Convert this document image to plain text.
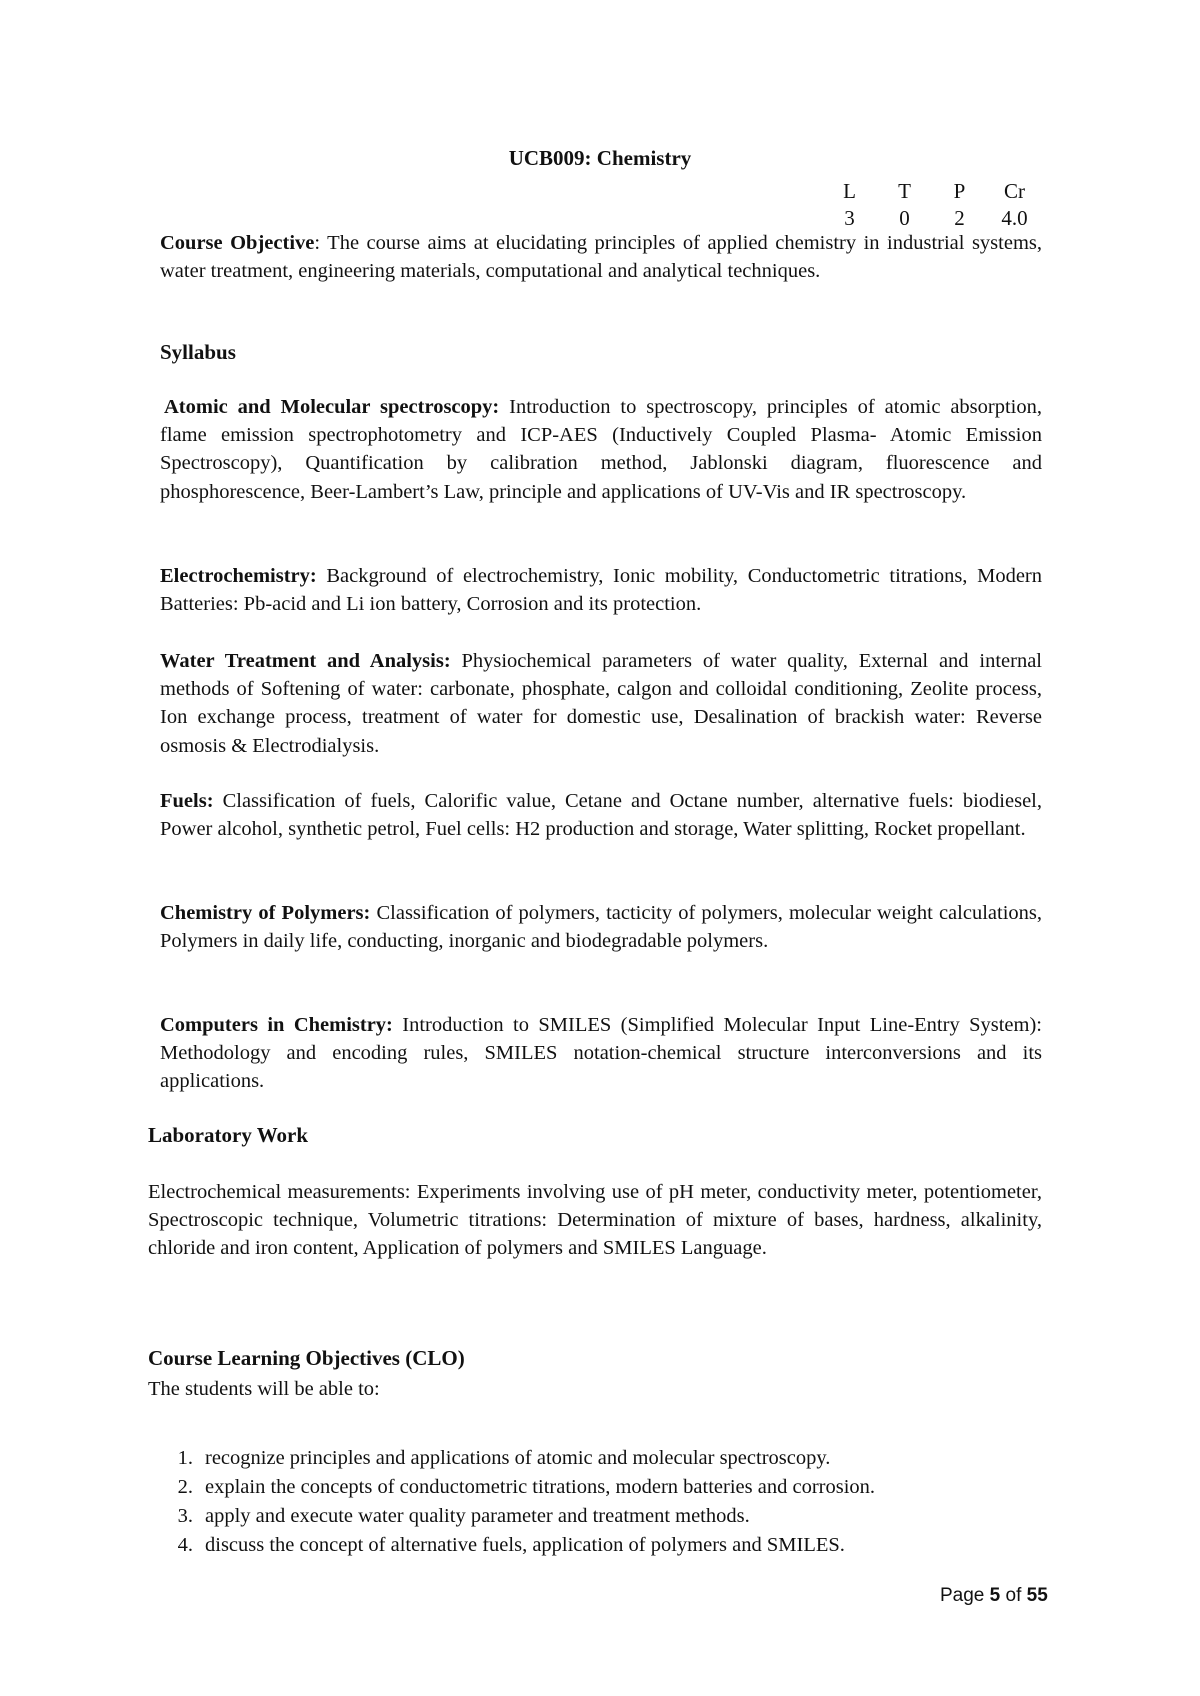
UCB009: Chemistry
L	T	P	Cr
3	0	2	4.0
Course Objective: The course aims at elucidating principles of applied chemistry in industrial systems, water treatment, engineering materials, computational and analytical techniques.
Syllabus
Atomic and Molecular spectroscopy: Introduction to spectroscopy, principles of atomic absorption, flame emission spectrophotometry and ICP-AES (Inductively Coupled Plasma- Atomic Emission Spectroscopy), Quantification by calibration method, Jablonski diagram, fluorescence and phosphorescence, Beer-Lambert’s Law, principle and applications of UV-Vis and IR spectroscopy.
Electrochemistry: Background of electrochemistry, Ionic mobility, Conductometric titrations, Modern Batteries: Pb-acid and Li ion battery, Corrosion and its protection.
Water Treatment and Analysis: Physiochemical parameters of water quality, External and internal methods of Softening of water: carbonate, phosphate, calgon and colloidal conditioning, Zeolite process, Ion exchange process, treatment of water for domestic use, Desalination of brackish water: Reverse osmosis & Electrodialysis.
Fuels: Classification of fuels, Calorific value, Cetane and Octane number, alternative fuels: biodiesel, Power alcohol, synthetic petrol, Fuel cells: H2 production and storage, Water splitting, Rocket propellant.
Chemistry of Polymers: Classification of polymers, tacticity of polymers, molecular weight calculations, Polymers in daily life, conducting, inorganic and biodegradable polymers.
Computers in Chemistry: Introduction to SMILES (Simplified Molecular Input Line-Entry System): Methodology and encoding rules, SMILES notation-chemical structure interconversions and its applications.
Laboratory Work
Electrochemical measurements: Experiments involving use of pH meter, conductivity meter, potentiometer, Spectroscopic technique, Volumetric titrations: Determination of mixture of bases, hardness, alkalinity, chloride and iron content, Application of polymers and SMILES Language.
Course Learning Objectives (CLO)
The students will be able to:
1. recognize principles and applications of atomic and molecular spectroscopy.
2. explain the concepts of conductometric titrations, modern batteries and corrosion.
3. apply and execute water quality parameter and treatment methods.
4. discuss the concept of alternative fuels, application of polymers and SMILES.
Page 5 of 55
